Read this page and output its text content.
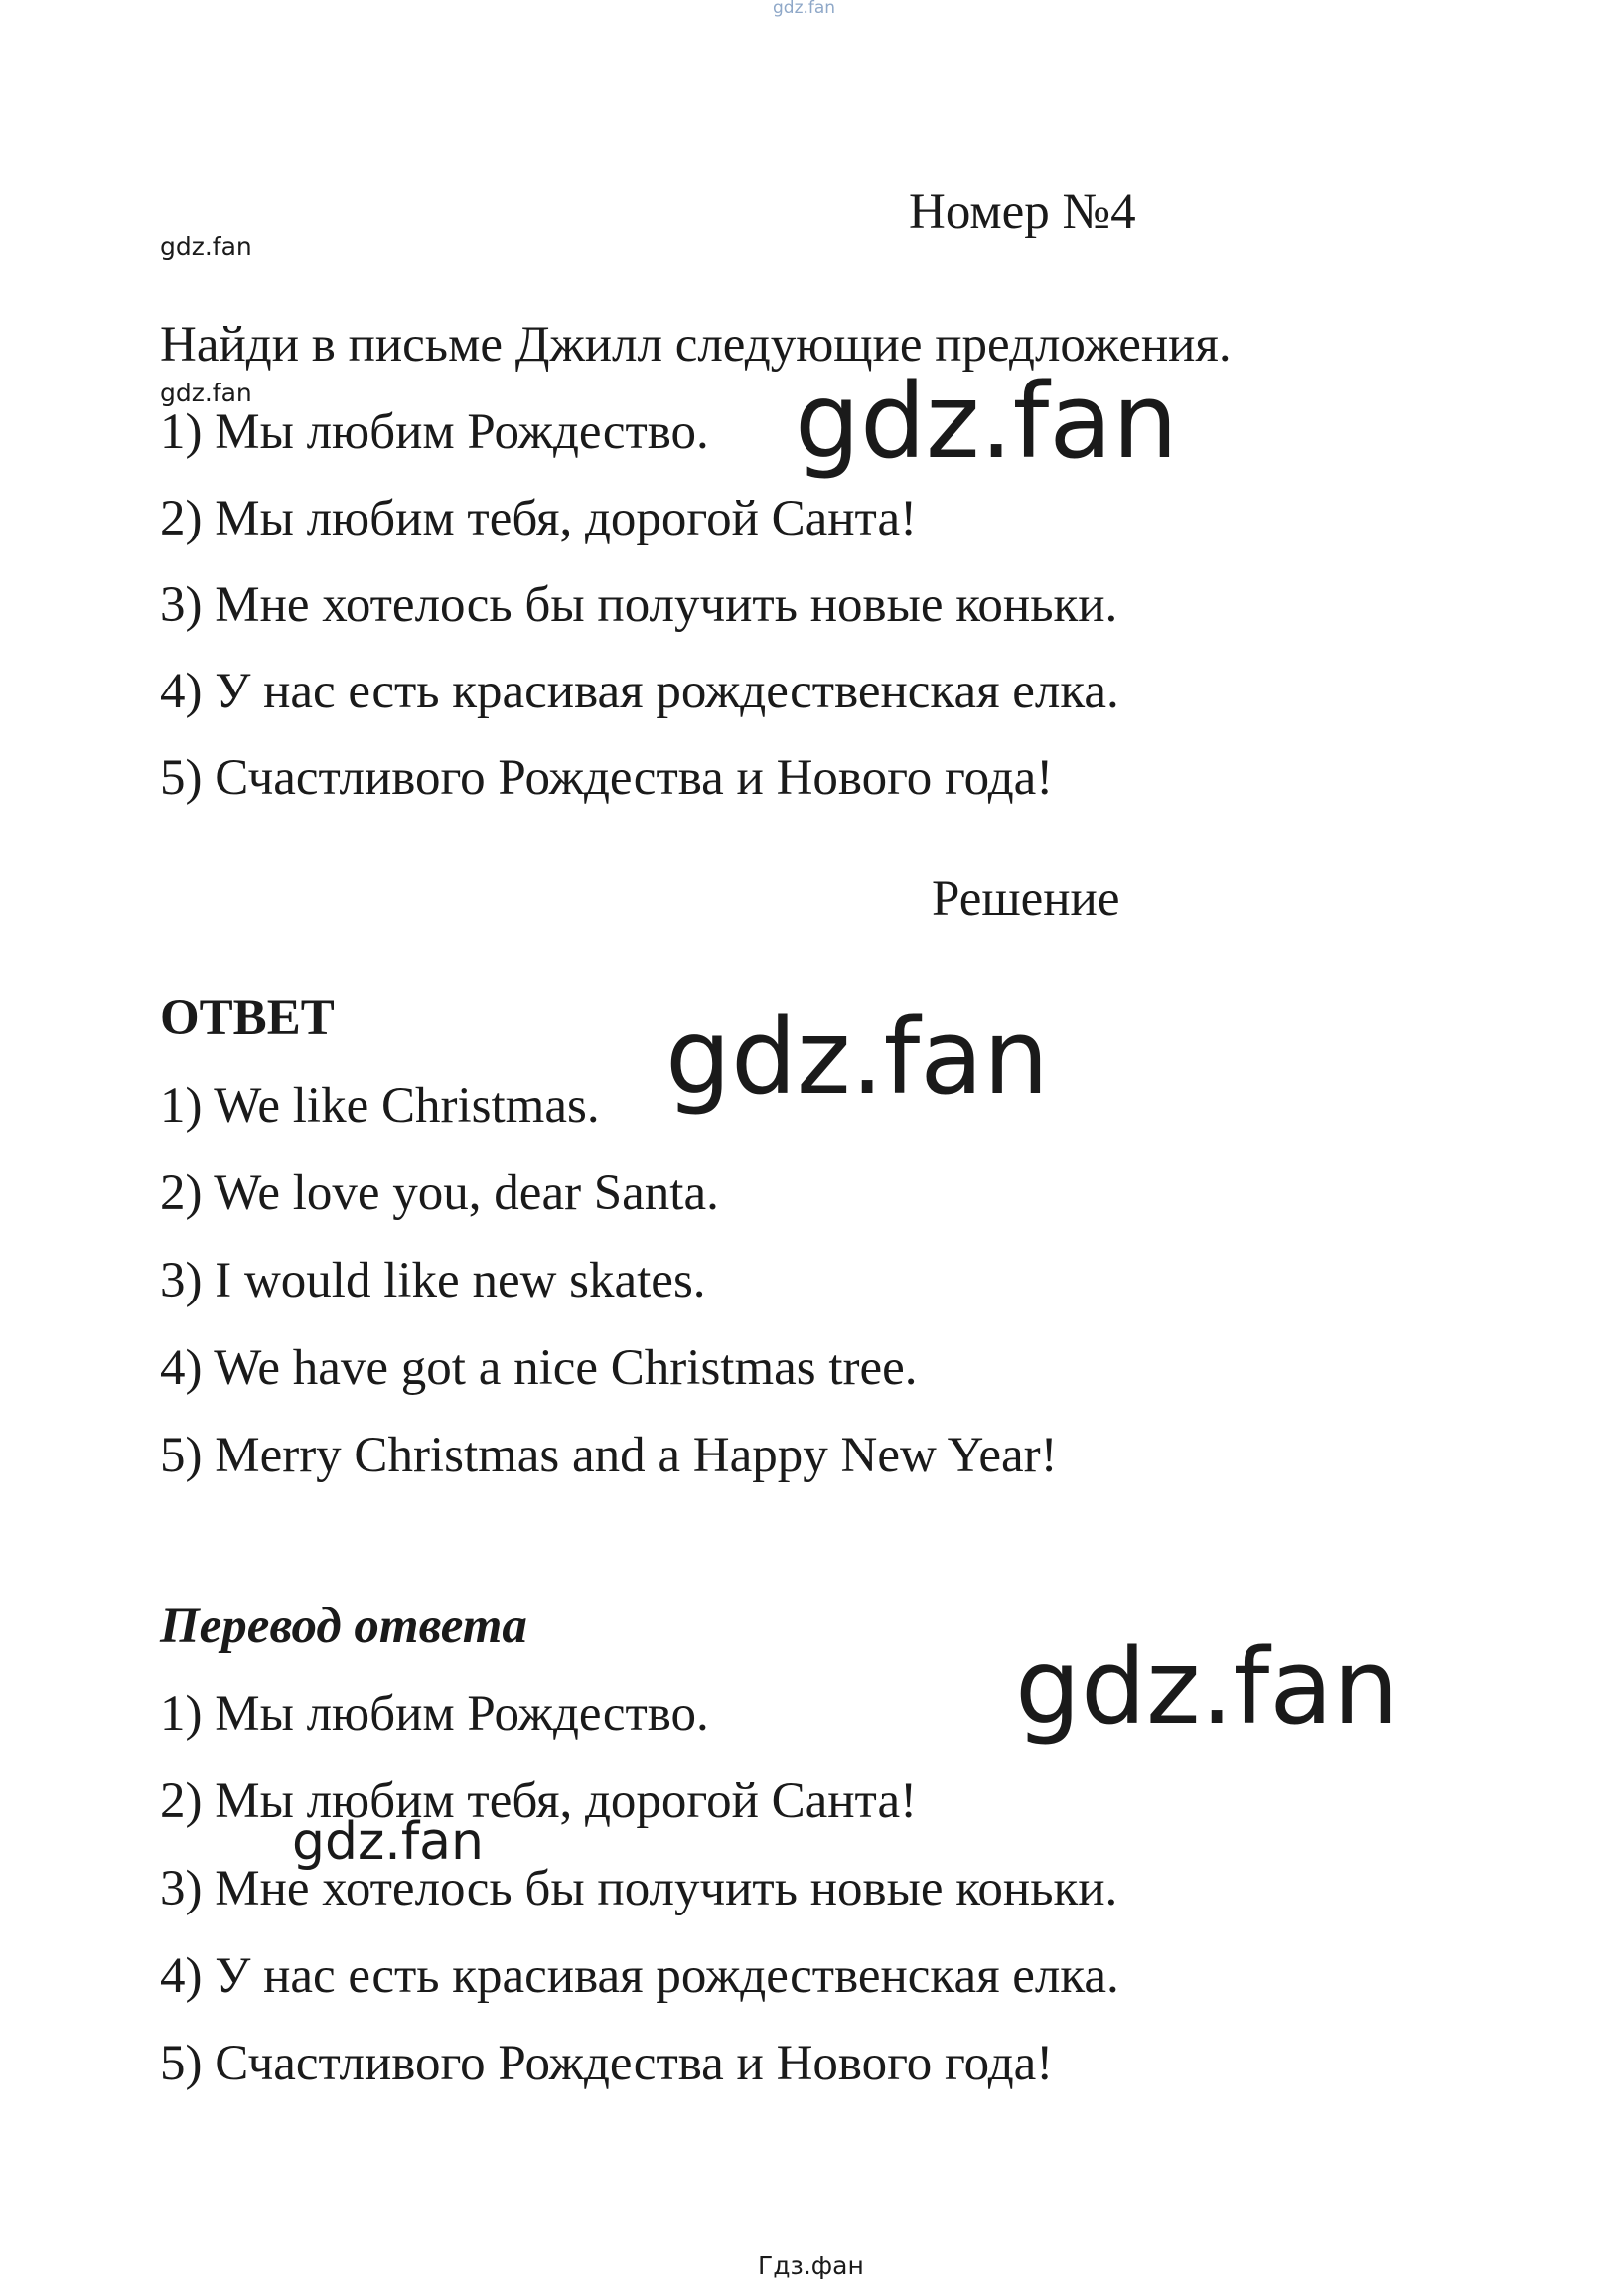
gdz.fan
Номер №4
gdz.fan
Найди в письме Джилл следующие предложения.
gdz.fan
1) Мы любим Рождество.
2) Мы любим тебя, дорогой Санта!
3) Мне хотелось бы получить новые коньки.
4) У нас есть красивая рождественская елка.
5) Счастливого Рождества и Нового года!
gdz.fan
Решение
ОТВЕТ	gdz.fan
1) We like Christmas.
2) We love you, dear Santa.
3) I would like new skates.
4) We have got a nice Christmas tree.
5) Merry Christmas and a Happy New Year!
Перевод ответа	gdz.fan
1) Мы любим Рождество.
2) Мы любим тебя, дорогой Санта!
3) Мне хотелось бы получить новые коньки.
4) У нас есть красивая рождественская елка.
5) Счастливого Рождества и Нового года!
gdz.fan
Гдз.фан
